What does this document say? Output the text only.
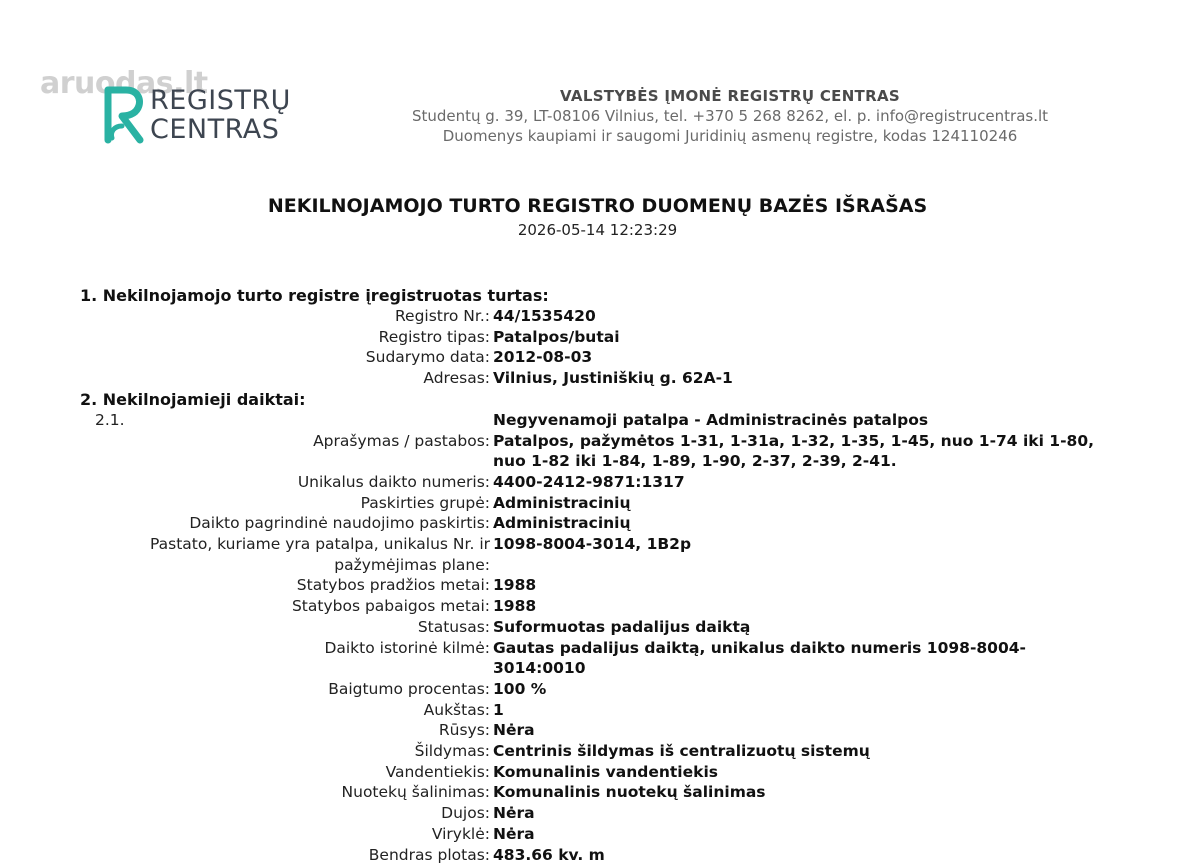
aruodas.lt
REGISTRŲ
CENTRAS
VALSTYBĖS ĮMONĖ REGISTRŲ CENTRAS
Studentų g. 39, LT-08106 Vilnius, tel. +370 5 268 8262, el. p. info@registrucentras.lt
Duomenys kaupiami ir saugomi Juridinių asmenų registre, kodas 124110246
NEKILNOJAMOJO TURTO REGISTRO DUOMENŲ BAZĖS IŠRAŠAS
2026-05-14 12:23:29
1. Nekilnojamojo turto registre įregistruotas turtas:
Registro Nr.: 44/1535420
Registro tipas: Patalpos/butai
Sudarymo data: 2012-08-03
Adresas: Vilnius, Justiniškių g. 62A-1
2. Nekilnojamieji daiktai:
2.1.	Negyvenamoji patalpa - Administracinės patalpos
Aprašymas / pastabos: Patalpos, pažymėtos 1-31, 1-31a, 1-32, 1-35, 1-45, nuo 1-74 iki 1-80, nuo 1-82 iki 1-84, 1-89, 1-90, 2-37, 2-39, 2-41.
Unikalus daikto numeris: 4400-2412-9871:1317
Paskirties grupė: Administracinių
Daikto pagrindinė naudojimo paskirtis: Administracinių
Pastato, kuriame yra patalpa, unikalus Nr. ir pažymėjimas plane:
1098-8004-3014, 1B2p
Statybos pradžios metai: 1988
Statybos pabaigos metai: 1988
Statusas: Suformuotas padalijus daiktą
Daikto istorinė kilmė: Gautas padalijus daiktą, unikalus daikto numeris 1098-8004-3014:0010
Baigtumo procentas: 100 %
Aukštas: 1
Rūsys: Nėra
Šildymas: Centrinis šildymas iš centralizuotų sistemų
Vandentiekis: Komunalinis vandentiekis
Nuotekų šalinimas: Komunalinis nuotekų šalinimas
Dujos: Nėra
Viryklė: Nėra
Bendras plotas: 483.66 kv. m
